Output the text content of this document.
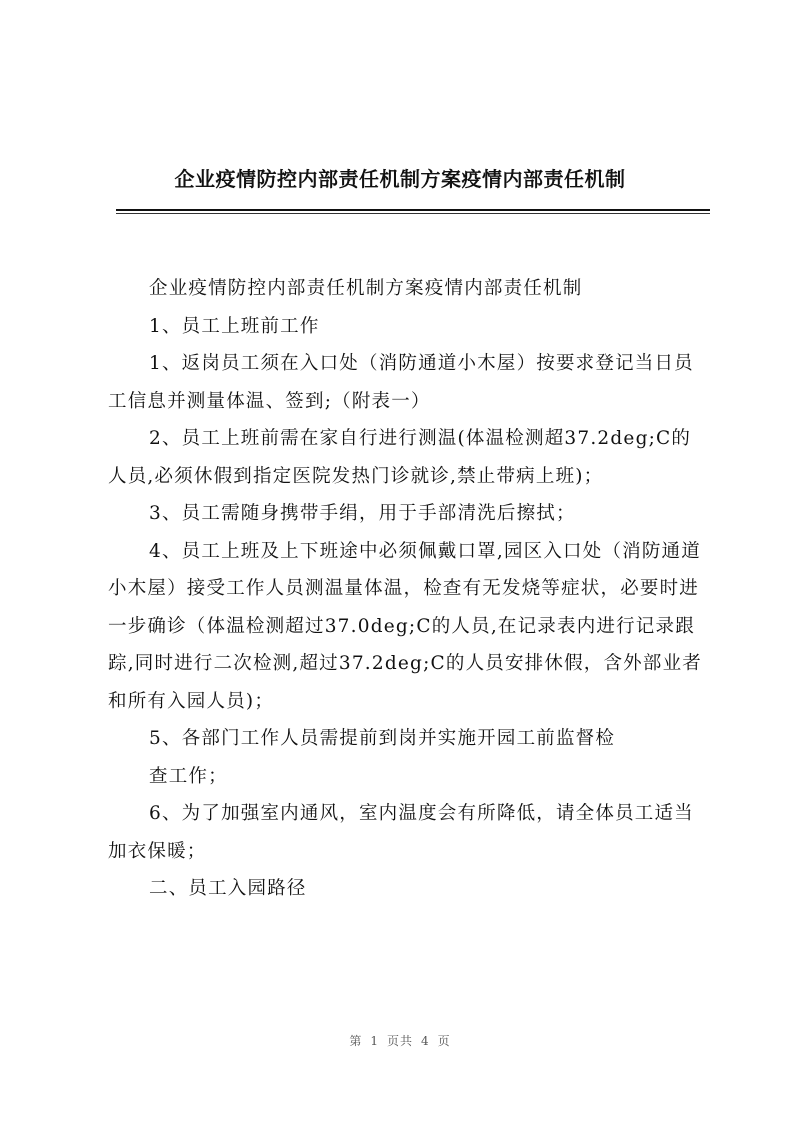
企业疫情防控内部责任机制方案疫情内部责任机制

企业疫情防控内部责任机制方案疫情内部责任机制

1、员工上班前工作

1、返岗员工须在入口处（消防通道小木屋）按要求登记当日员工信息并测量体温、签到;（附表一）

2、员工上班前需在家自行进行测温(体温检测超37.2deg;C的人员,必须休假到指定医院发热门诊就诊,禁止带病上班)；

3、员工需随身携带手绢，用于手部清洗后擦拭；

4、员工上班及上下班途中必须佩戴口罩,园区入口处（消防通道小木屋）接受工作人员测温量体温，检查有无发烧等症状，必要时进一步确诊（体温检测超过37.0deg;C的人员,在记录表内进行记录跟踪,同时进行二次检测,超过37.2deg;C的人员安排休假，含外部业者和所有入园人员)；

5、各部门工作人员需提前到岗并实施开园工前监督检

查工作；

6、为了加强室内通风，室内温度会有所降低，请全体员工适当加衣保暖；

二、员工入园路径

第 1 页共 4 页
